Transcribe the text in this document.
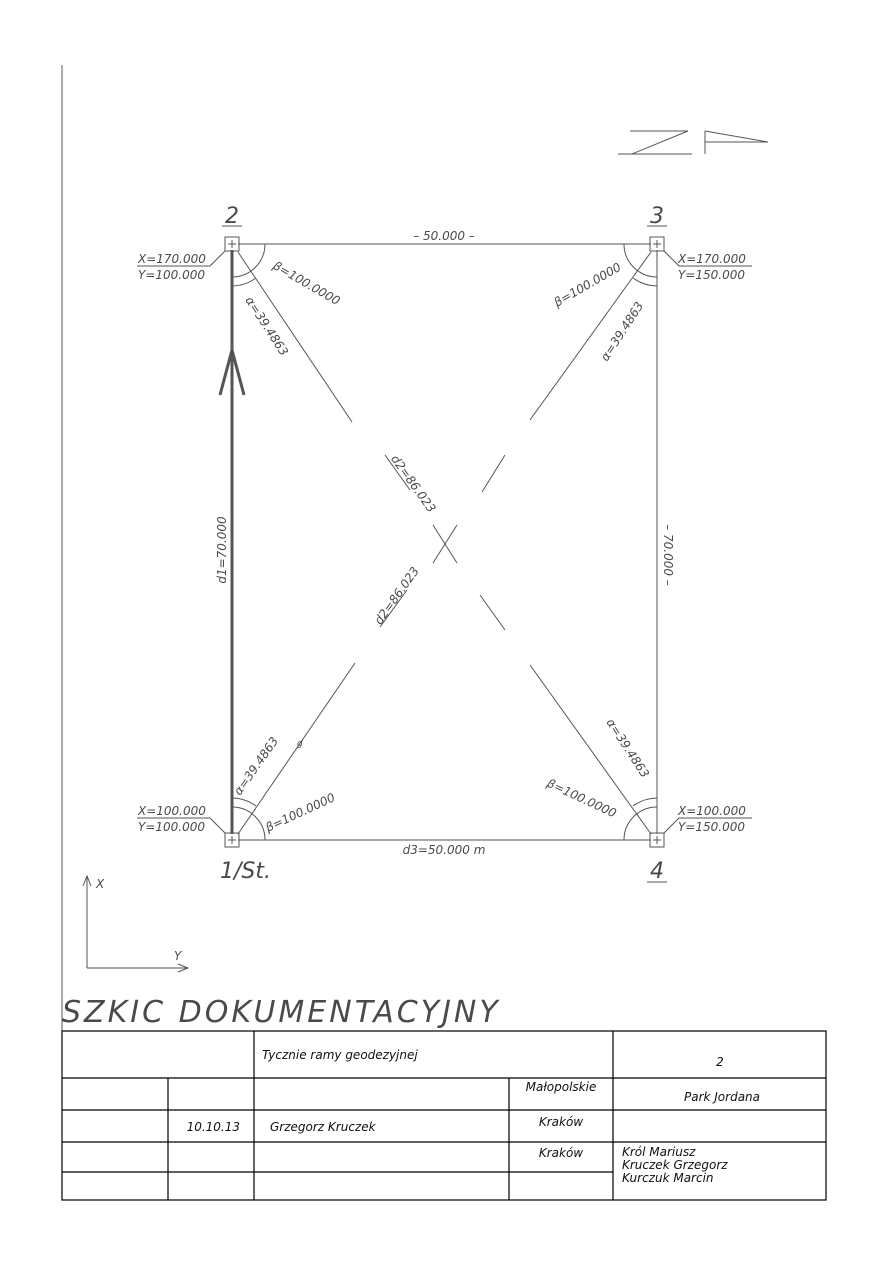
2	3
1/St.	4
X=170.000
Y=100.000
X=170.000
Y=150.000
X=100.000
Y=100.000
X=100.000
Y=150.000
– 50.000 –
d3=50.000 m
d1=70.000	– 70.000 –
d2=86.023
d2=86.023
β=100.0000
α=39.4863
β=100.0000
α=39.4863
α=39.4863 g
β=100.0000
α=39.4863
β=100.0000
X
Y
SZKIC DOKUMENTACYJNY
Tycznie ramy geodezyjnej	2
Małopolskie
Park Jordana
10.10.13	Grzegorz Kruczek	Kraków
Kraków	Król Mariusz
Kruczek Grzegorz
Kurczuk Marcin
